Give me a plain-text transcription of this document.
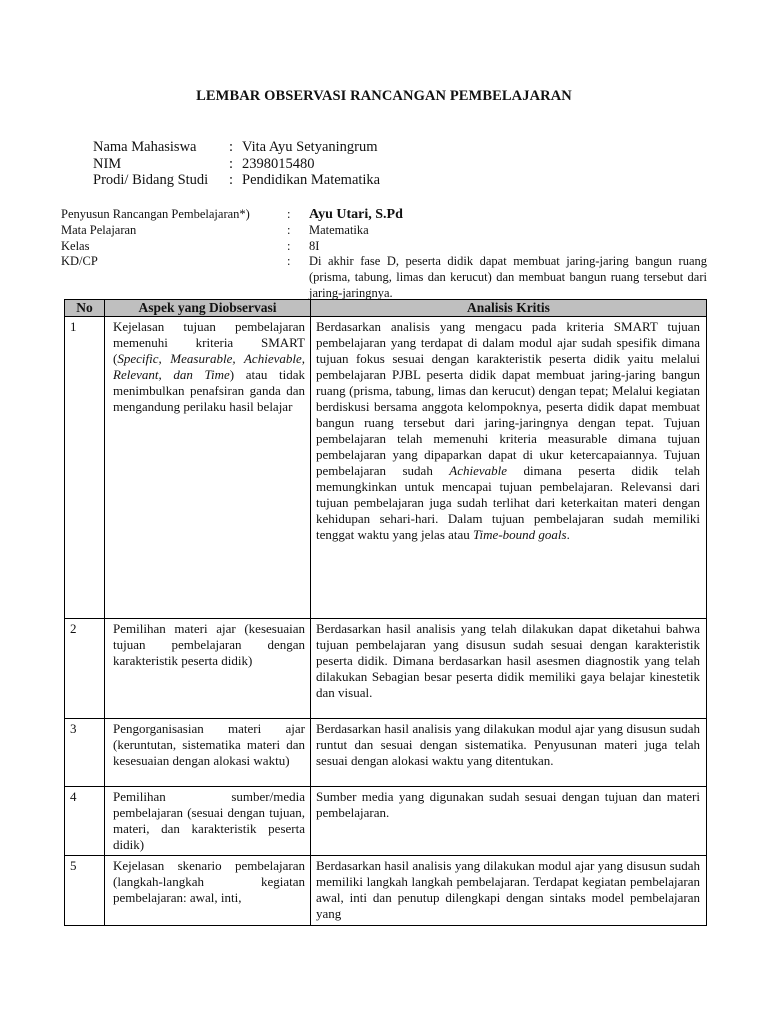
LEMBAR OBSERVASI RANCANGAN PEMBELAJARAN
Nama Mahasiswa	: Vita Ayu Setyaningrum
NIM	: 2398015480
Prodi/ Bidang Studi	: Pendidikan Matematika
Penyusun Rancangan Pembelajaran*)	:	Ayu Utari, S.Pd
Mata Pelajaran	:	Matematika
Kelas	:	8I
KD/CP	:	Di akhir fase D, peserta didik dapat membuat jaring-jaring bangun ruang (prisma, tabung, limas dan kerucut) dan membuat bangun ruang tersebut dari jaring-jaringnya.
No	Aspek yang Diobservasi	Analisis Kritis
1	Kejelasan tujuan pembelajaran memenuhi kriteria SMART (Specific, Measurable, Achievable, Relevant, dan Time) atau tidak menimbulkan penafsiran ganda dan mengandung perilaku hasil belajar	Berdasarkan analisis yang mengacu pada kriteria SMART tujuan pembelajaran yang terdapat di dalam modul ajar sudah spesifik dimana tujuan fokus sesuai dengan karakteristik peserta didik yaitu melalui pembelajaran PJBL peserta didik dapat membuat jaring-jaring bangun ruang (prisma, tabung, limas dan kerucut) dengan tepat; Melalui kegiatan berdiskusi bersama anggota kelompoknya, peserta didik dapat membuat bangun ruang tersebut dari jaring-jaringnya dengan tepat. Tujuan pembelajaran telah memenuhi kriteria measurable dimana tujuan pembelajaran yang dipaparkan dapat di ukur ketercapaiannya. Tujuan pembelajaran sudah Achievable dimana peserta didik telah memungkinkan untuk mencapai tujuan pembelajaran. Relevansi dari tujuan pembelajaran juga sudah terlihat dari keterkaitan materi dengan kehidupan sehari-hari. Dalam tujuan pembelajaran sudah memiliki tenggat waktu yang jelas atau Time-bound goals.
2	Pemilihan materi ajar (kesesuaian tujuan pembelajaran dengan karakteristik peserta didik)	Berdasarkan hasil analisis yang telah dilakukan dapat diketahui bahwa tujuan pembelajaran yang disusun sudah sesuai dengan karakteristik peserta didik. Dimana berdasarkan hasil asesmen diagnostik yang telah dilakukan Sebagian besar peserta didik memiliki gaya belajar kinestetik dan visual.
3	Pengorganisasian materi ajar (keruntutan, sistematika materi dan kesesuaian dengan alokasi waktu)	Berdasarkan hasil analisis yang dilakukan modul ajar yang disusun sudah runtut dan sesuai dengan sistematika. Penyusunan materi juga telah sesuai dengan alokasi waktu yang ditentukan.
4	Pemilihan sumber/media pembelajaran (sesuai dengan tujuan, materi, dan karakteristik peserta didik)	Sumber media yang digunakan sudah sesuai dengan tujuan dan materi pembelajaran.
5	Kejelasan skenario pembelajaran (langkah-langkah kegiatan pembelajaran: awal, inti,	Berdasarkan hasil analisis yang dilakukan modul ajar yang disusun sudah memiliki langkah langkah pembelajaran. Terdapat kegiatan pembelajaran awal, inti dan penutup dilengkapi dengan sintaks model pembelajaran yang
